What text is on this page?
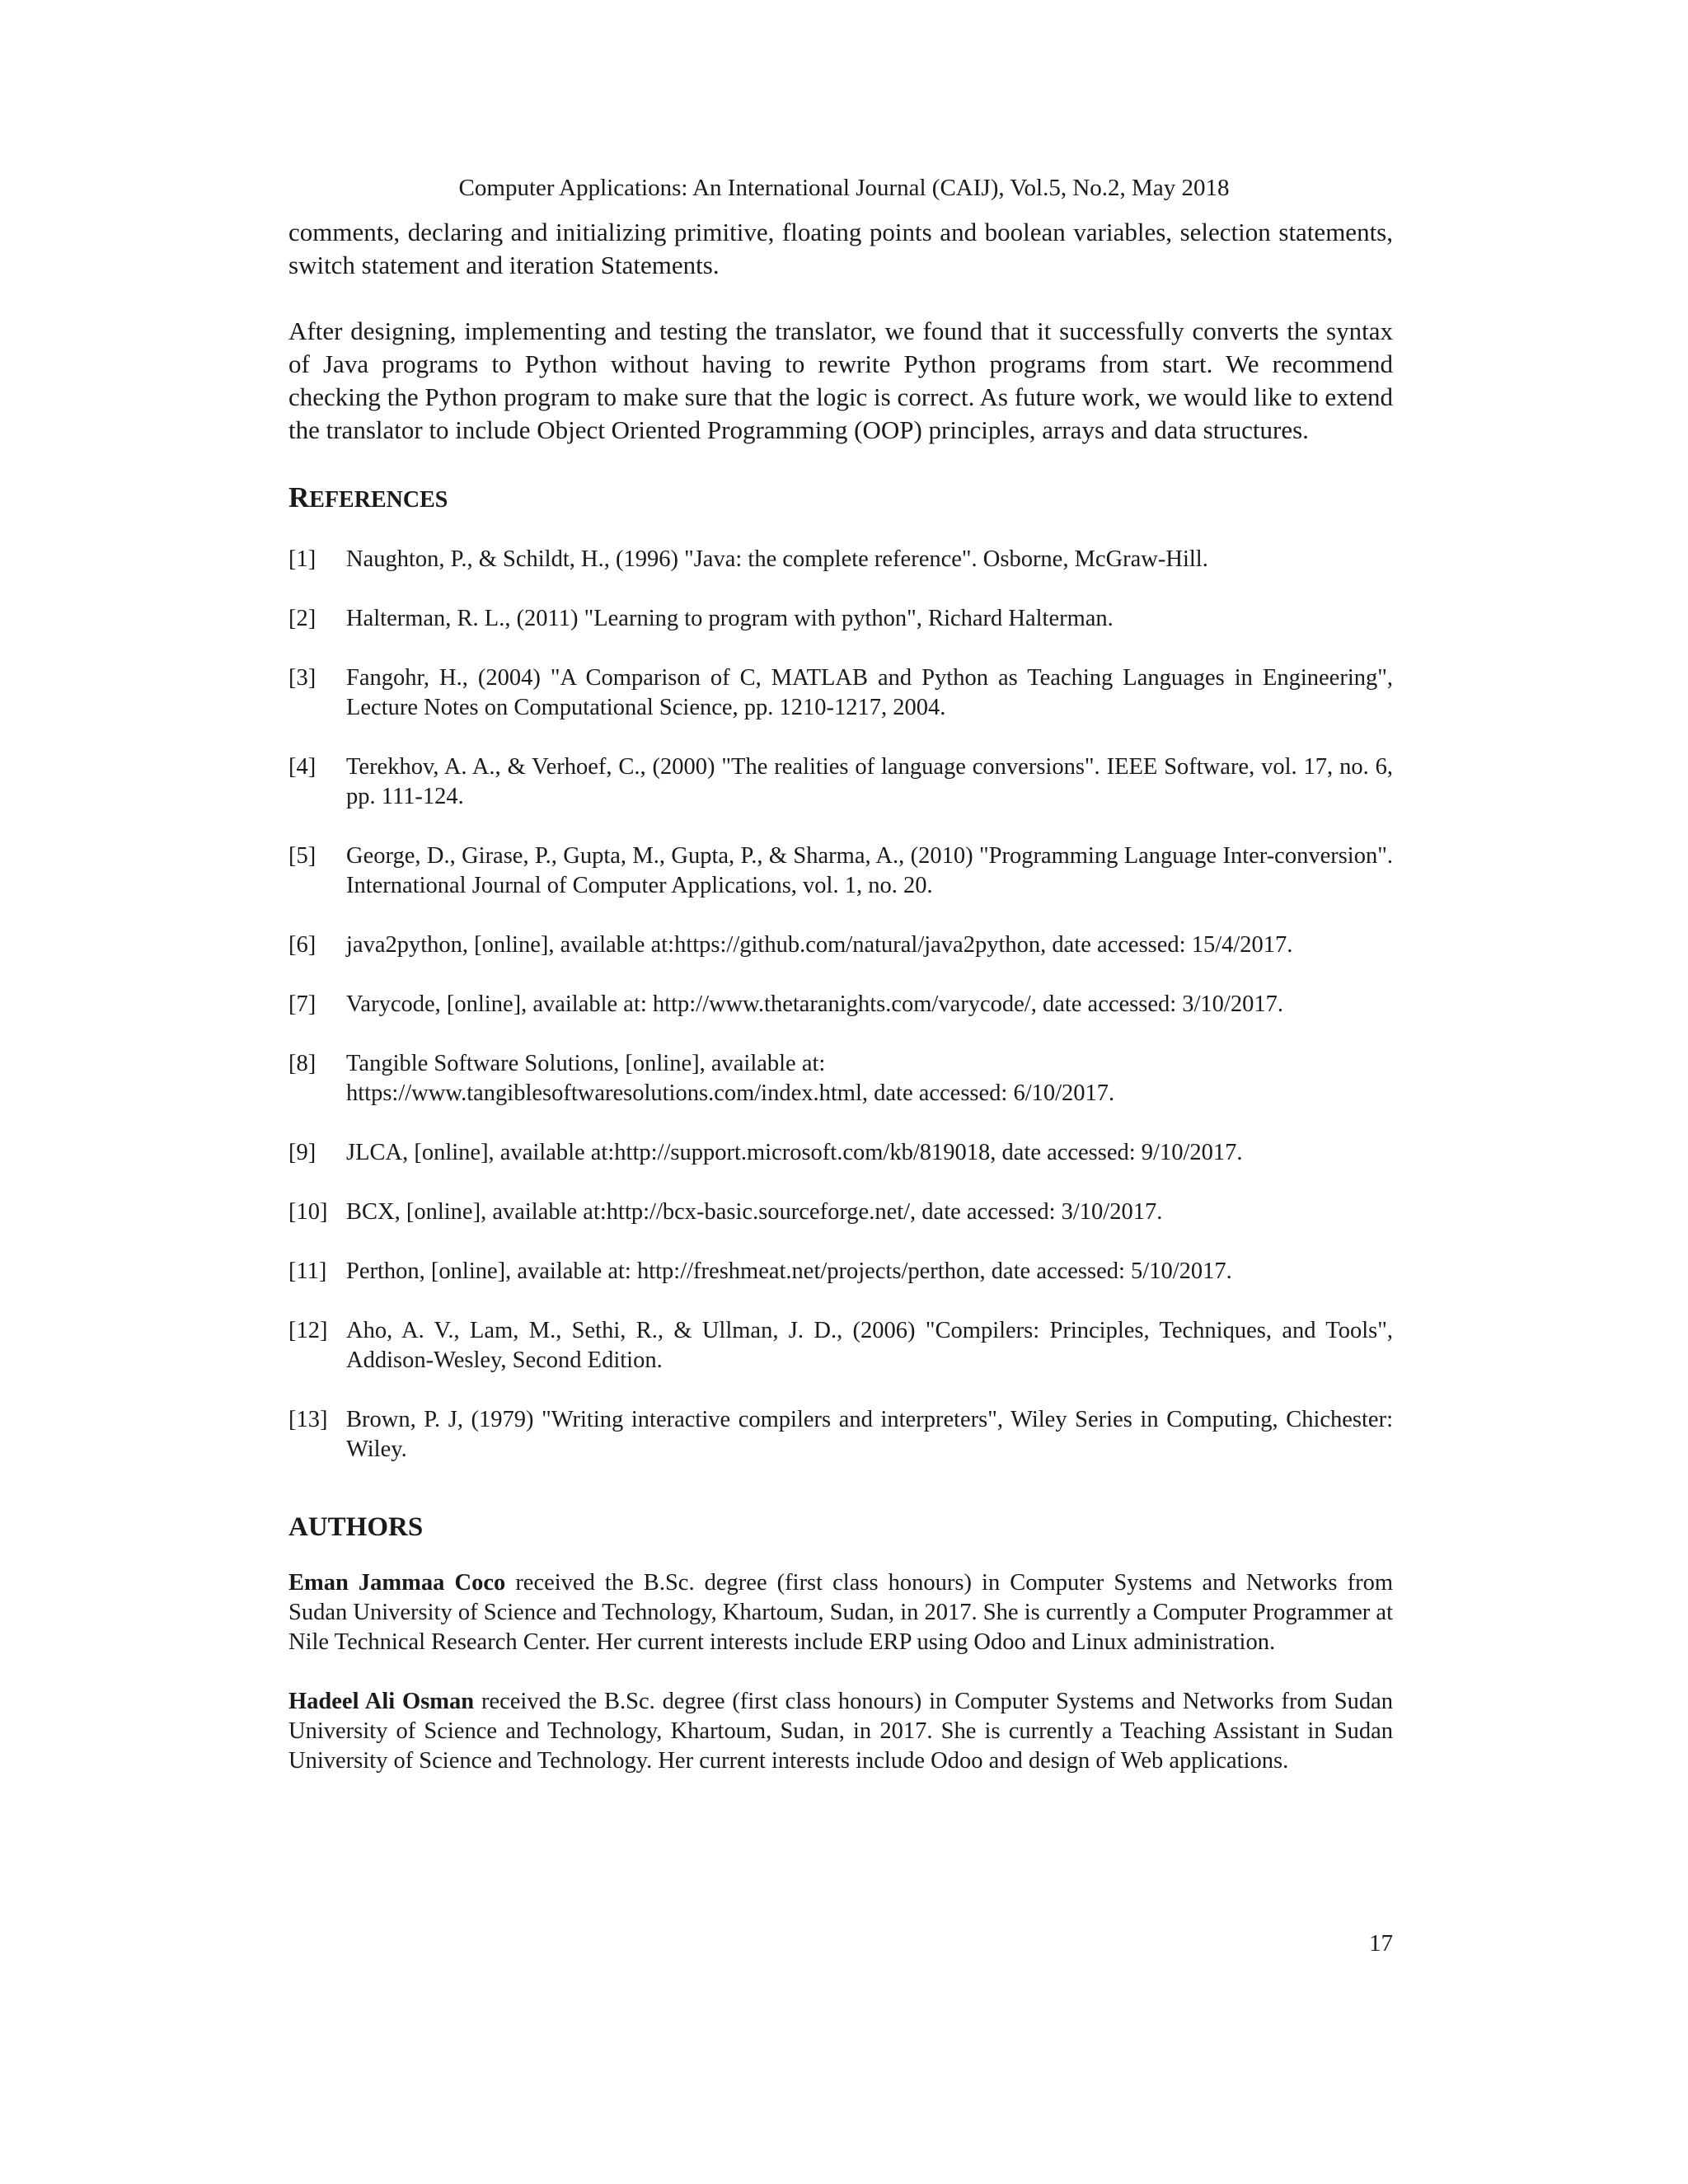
Computer Applications: An International Journal (CAIJ), Vol.5, No.2, May 2018

comments, declaring and initializing primitive, floating points and boolean variables, selection statements, switch statement and iteration Statements.

After designing, implementing and testing the translator, we found that it successfully converts the syntax of Java programs to Python without having to rewrite Python programs from start. We recommend checking the Python program to make sure that the logic is correct. As future work, we would like to extend the translator to include Object Oriented Programming (OOP) principles, arrays and data structures.

REFERENCES
[1]	Naughton, P., & Schildt, H., (1996) "Java: the complete reference". Osborne, McGraw-Hill.
[2]	Halterman, R. L., (2011) "Learning to program with python", Richard Halterman.
[3]	Fangohr, H., (2004) "A Comparison of C, MATLAB and Python as Teaching Languages in Engineering", Lecture Notes on Computational Science, pp. 1210-1217, 2004.
[4]	Terekhov, A. A., & Verhoef, C., (2000) "The realities of language conversions". IEEE Software, vol. 17, no. 6, pp. 111-124.
[5]	George, D., Girase, P., Gupta, M., Gupta, P., & Sharma, A., (2010) "Programming Language Inter-conversion". International Journal of Computer Applications, vol. 1, no. 20.
[6]	java2python, [online], available at:https://github.com/natural/java2python, date accessed: 15/4/2017.
[7]	Varycode, [online], available at: http://www.thetaranights.com/varycode/, date accessed: 3/10/2017.
[8]	Tangible Software Solutions, [online], available at:
https://www.tangiblesoftwaresolutions.com/index.html, date accessed: 6/10/2017.
[9]	JLCA, [online], available at:http://support.microsoft.com/kb/819018, date accessed: 9/10/2017.
[10] BCX, [online], available at:http://bcx-basic.sourceforge.net/, date accessed: 3/10/2017.
[11] Perthon, [online], available at: http://freshmeat.net/projects/perthon, date accessed: 5/10/2017.
[12] Aho, A. V., Lam, M., Sethi, R., & Ullman, J. D., (2006) "Compilers: Principles, Techniques, and Tools", Addison-Wesley, Second Edition.
[13] Brown, P. J, (1979) "Writing interactive compilers and interpreters", Wiley Series in Computing, Chichester: Wiley.
AUTHORS

Eman Jammaa Coco received the B.Sc. degree (first class honours) in Computer Systems and Networks from Sudan University of Science and Technology, Khartoum, Sudan, in 2017. She is currently a Computer Programmer at Nile Technical Research Center. Her current interests include ERP using Odoo and Linux administration.

Hadeel Ali Osman received the B.Sc. degree (first class honours) in Computer Systems and Networks from Sudan University of Science and Technology, Khartoum, Sudan, in 2017. She is currently a Teaching Assistant in Sudan University of Science and Technology. Her current interests include Odoo and design of Web applications.

17
